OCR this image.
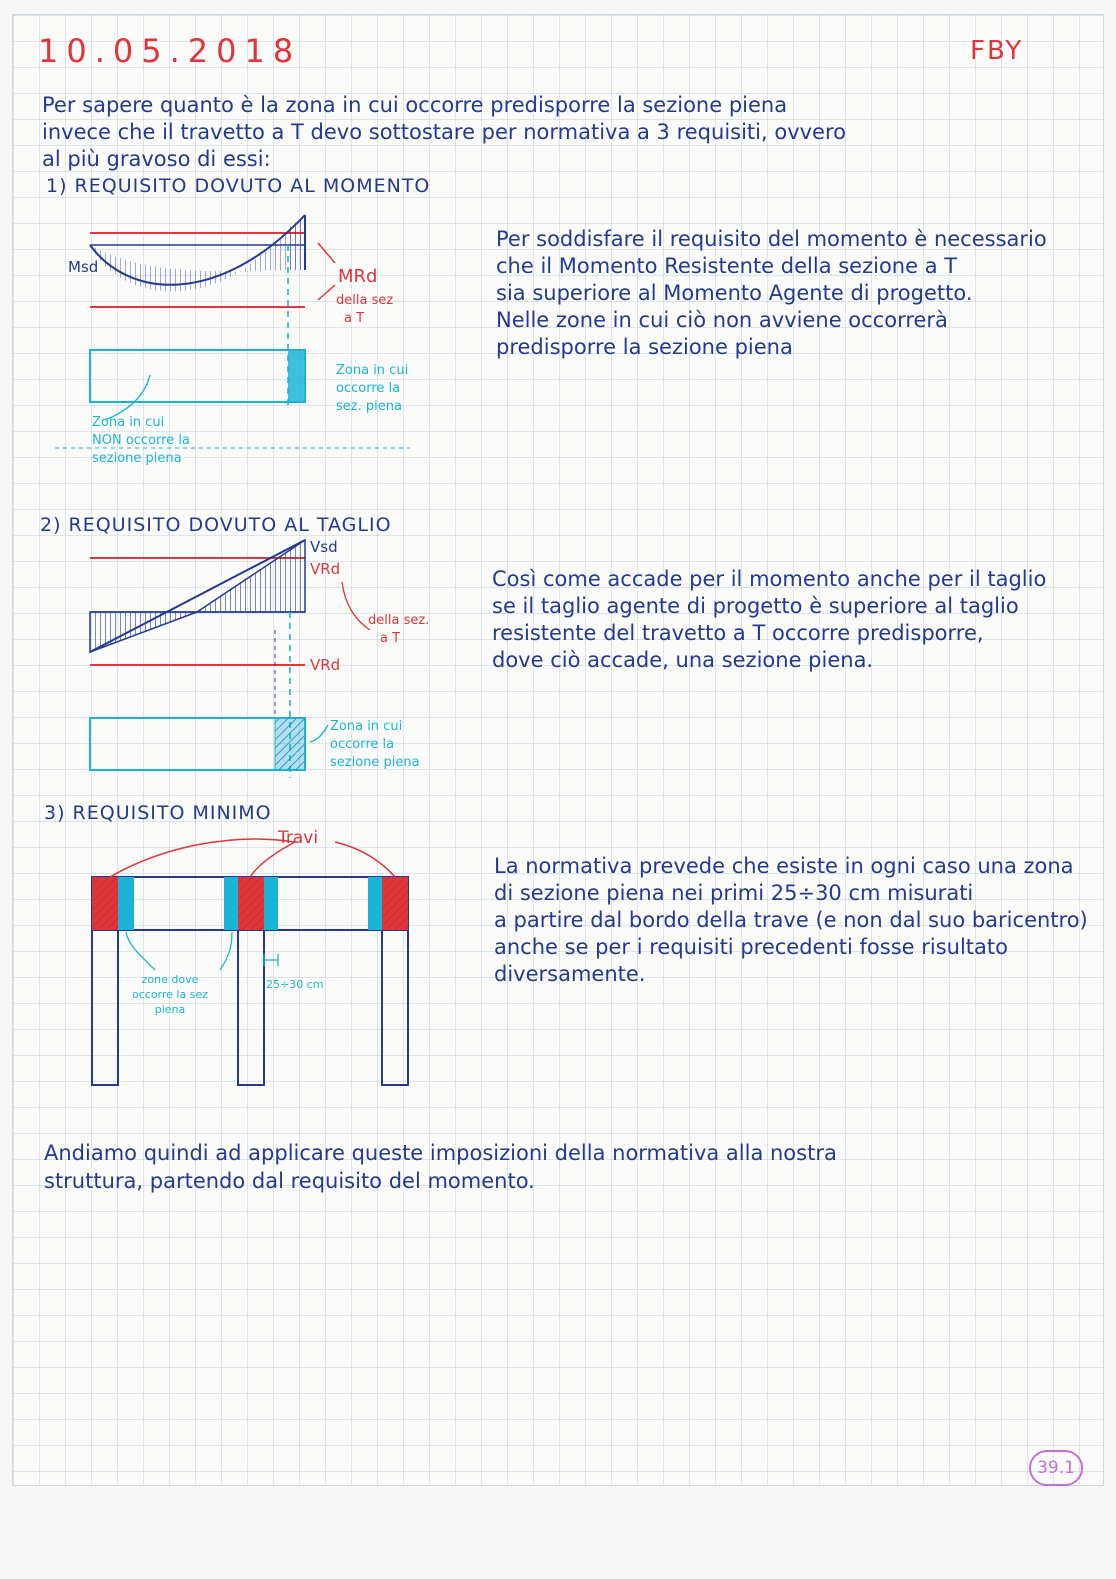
10.05.2018	FBY
Per sapere quanto è la zona in cui occorre predisporre la sezione piena
invece che il travetto a T devo sottostare per normativa a 3 requisiti, ovvero
al più gravoso di essi:
1) REQUISITO DOVUTO AL MOMENTO
Msd	MRd
della sez
a T
Zona in cui
occorre la
sez. piena
Zona in cui
NON occorre la
sezione piena
Per soddisfare il requisito del momento è necessario
che il Momento Resistente della sezione a T
sia superiore al Momento Agente di progetto.
Nelle zone in cui ciò non avviene occorrerà
predisporre la sezione piena
2) REQUISITO DOVUTO AL TAGLIO
Vsd
VRd
della sez.
a T
VRd
Zona in cui
occorre la
sezione piena
Così come accade per il momento anche per il taglio
se il taglio agente di progetto è superiore al taglio
resistente del travetto a T occorre predisporre,
dove ciò accade, una sezione piena.
3) REQUISITO MINIMO
Travi
zone dove
occorre la sez
piena
25÷30 cm
La normativa prevede che esiste in ogni caso una zona
di sezione piena nei primi 25÷30 cm misurati
a partire dal bordo della trave (e non dal suo baricentro)
anche se per i requisiti precedenti fosse risultato
diversamente.
Andiamo quindi ad applicare queste imposizioni della normativa alla nostra
struttura, partendo dal requisito del momento.
39.1
